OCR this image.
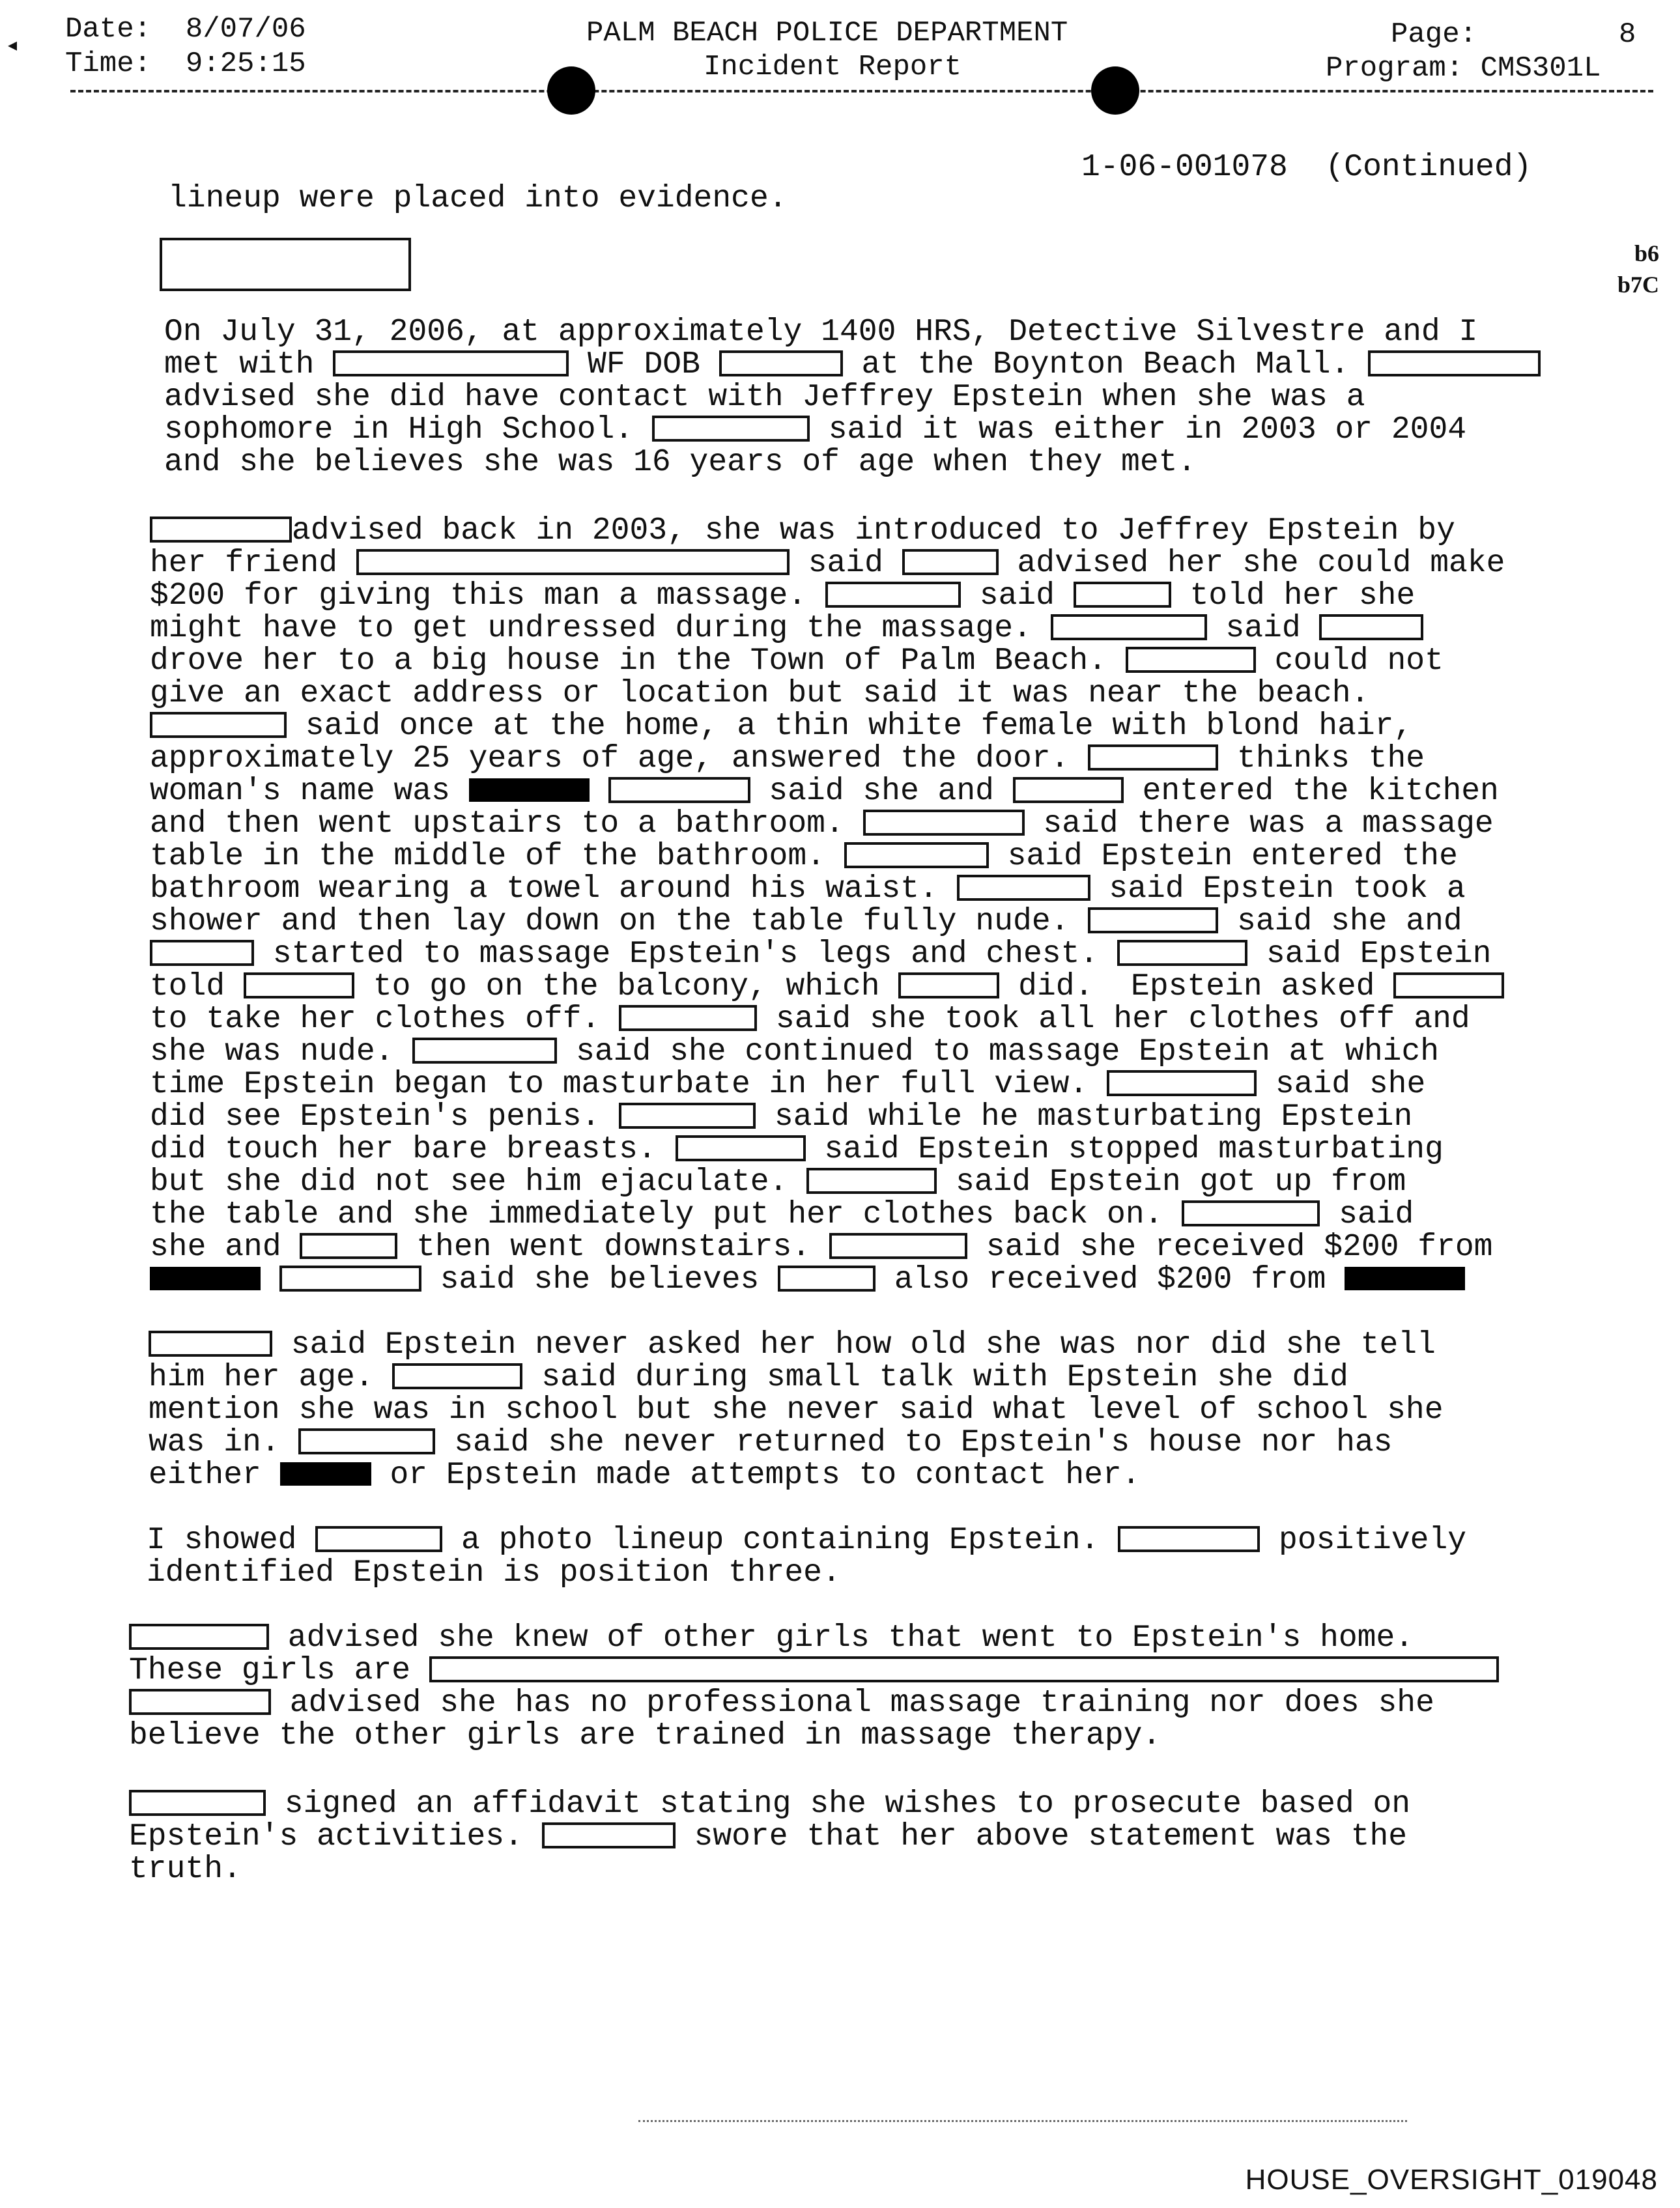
◂ Date: 8/07/06
Time: 9:25:15
PALM BEACH POLICE DEPARTMENT
Incident Report
Page:	8
Program: CMS301L
1-06-001078 (Continued)
b6
b7C
lineup were placed into evidence.
On July 31, 2006, at approximately 1400 HRS, Detective Silvestre and I
met with	WF DOB	at the Boynton Beach Mall.
advised she did have contact with Jeffrey Epstein when she was a
sophomore in High School.	said it was either in 2003 or 2004
and she believes she was 16 years of age when they met.
advised back in 2003, she was introduced to Jeffrey Epstein by
her friend	said	advised her she could make
$200 for giving this man a massage.	said	told her she
might have to get undressed during the massage.	said
drove her to a big house in the Town of Palm Beach.	could not
give an exact address or location but said it was near the beach.
said once at the home, a thin white female with blond hair,
approximately 25 years of age, answered the door.	thinks the
woman's name was	said she and	entered the kitchen
and then went upstairs to a bathroom.	said there was a massage
table in the middle of the bathroom.	said Epstein entered the
bathroom wearing a towel around his waist.	said Epstein took a
shower and then lay down on the table fully nude.	said she and
started to massage Epstein's legs and chest.	said Epstein
told	to go on the balcony, which	did.  Epstein asked
to take her clothes off.	said she took all her clothes off and
she was nude.	said she continued to massage Epstein at which
time Epstein began to masturbate in her full view.	said she
did see Epstein's penis.	said while he masturbating Epstein
did touch her bare breasts.	said Epstein stopped masturbating
but she did not see him ejaculate.	said Epstein got up from
the table and she immediately put her clothes back on.	said
she and	then went downstairs.	said she received $200 from
said she believes	also received $200 from
said Epstein never asked her how old she was nor did she tell
him her age.	said during small talk with Epstein she did
mention she was in school but she never said what level of school she
was in.	said she never returned to Epstein's house nor has
either	or Epstein made attempts to contact her.
I showed	a photo lineup containing Epstein.	positively
identified Epstein is position three.
advised she knew of other girls that went to Epstein's home.
These girls are
advised she has no professional massage training nor does she
believe the other girls are trained in massage therapy.
signed an affidavit stating she wishes to prosecute based on
Epstein's activities.	swore that her above statement was the
truth.
HOUSE_OVERSIGHT_019048
